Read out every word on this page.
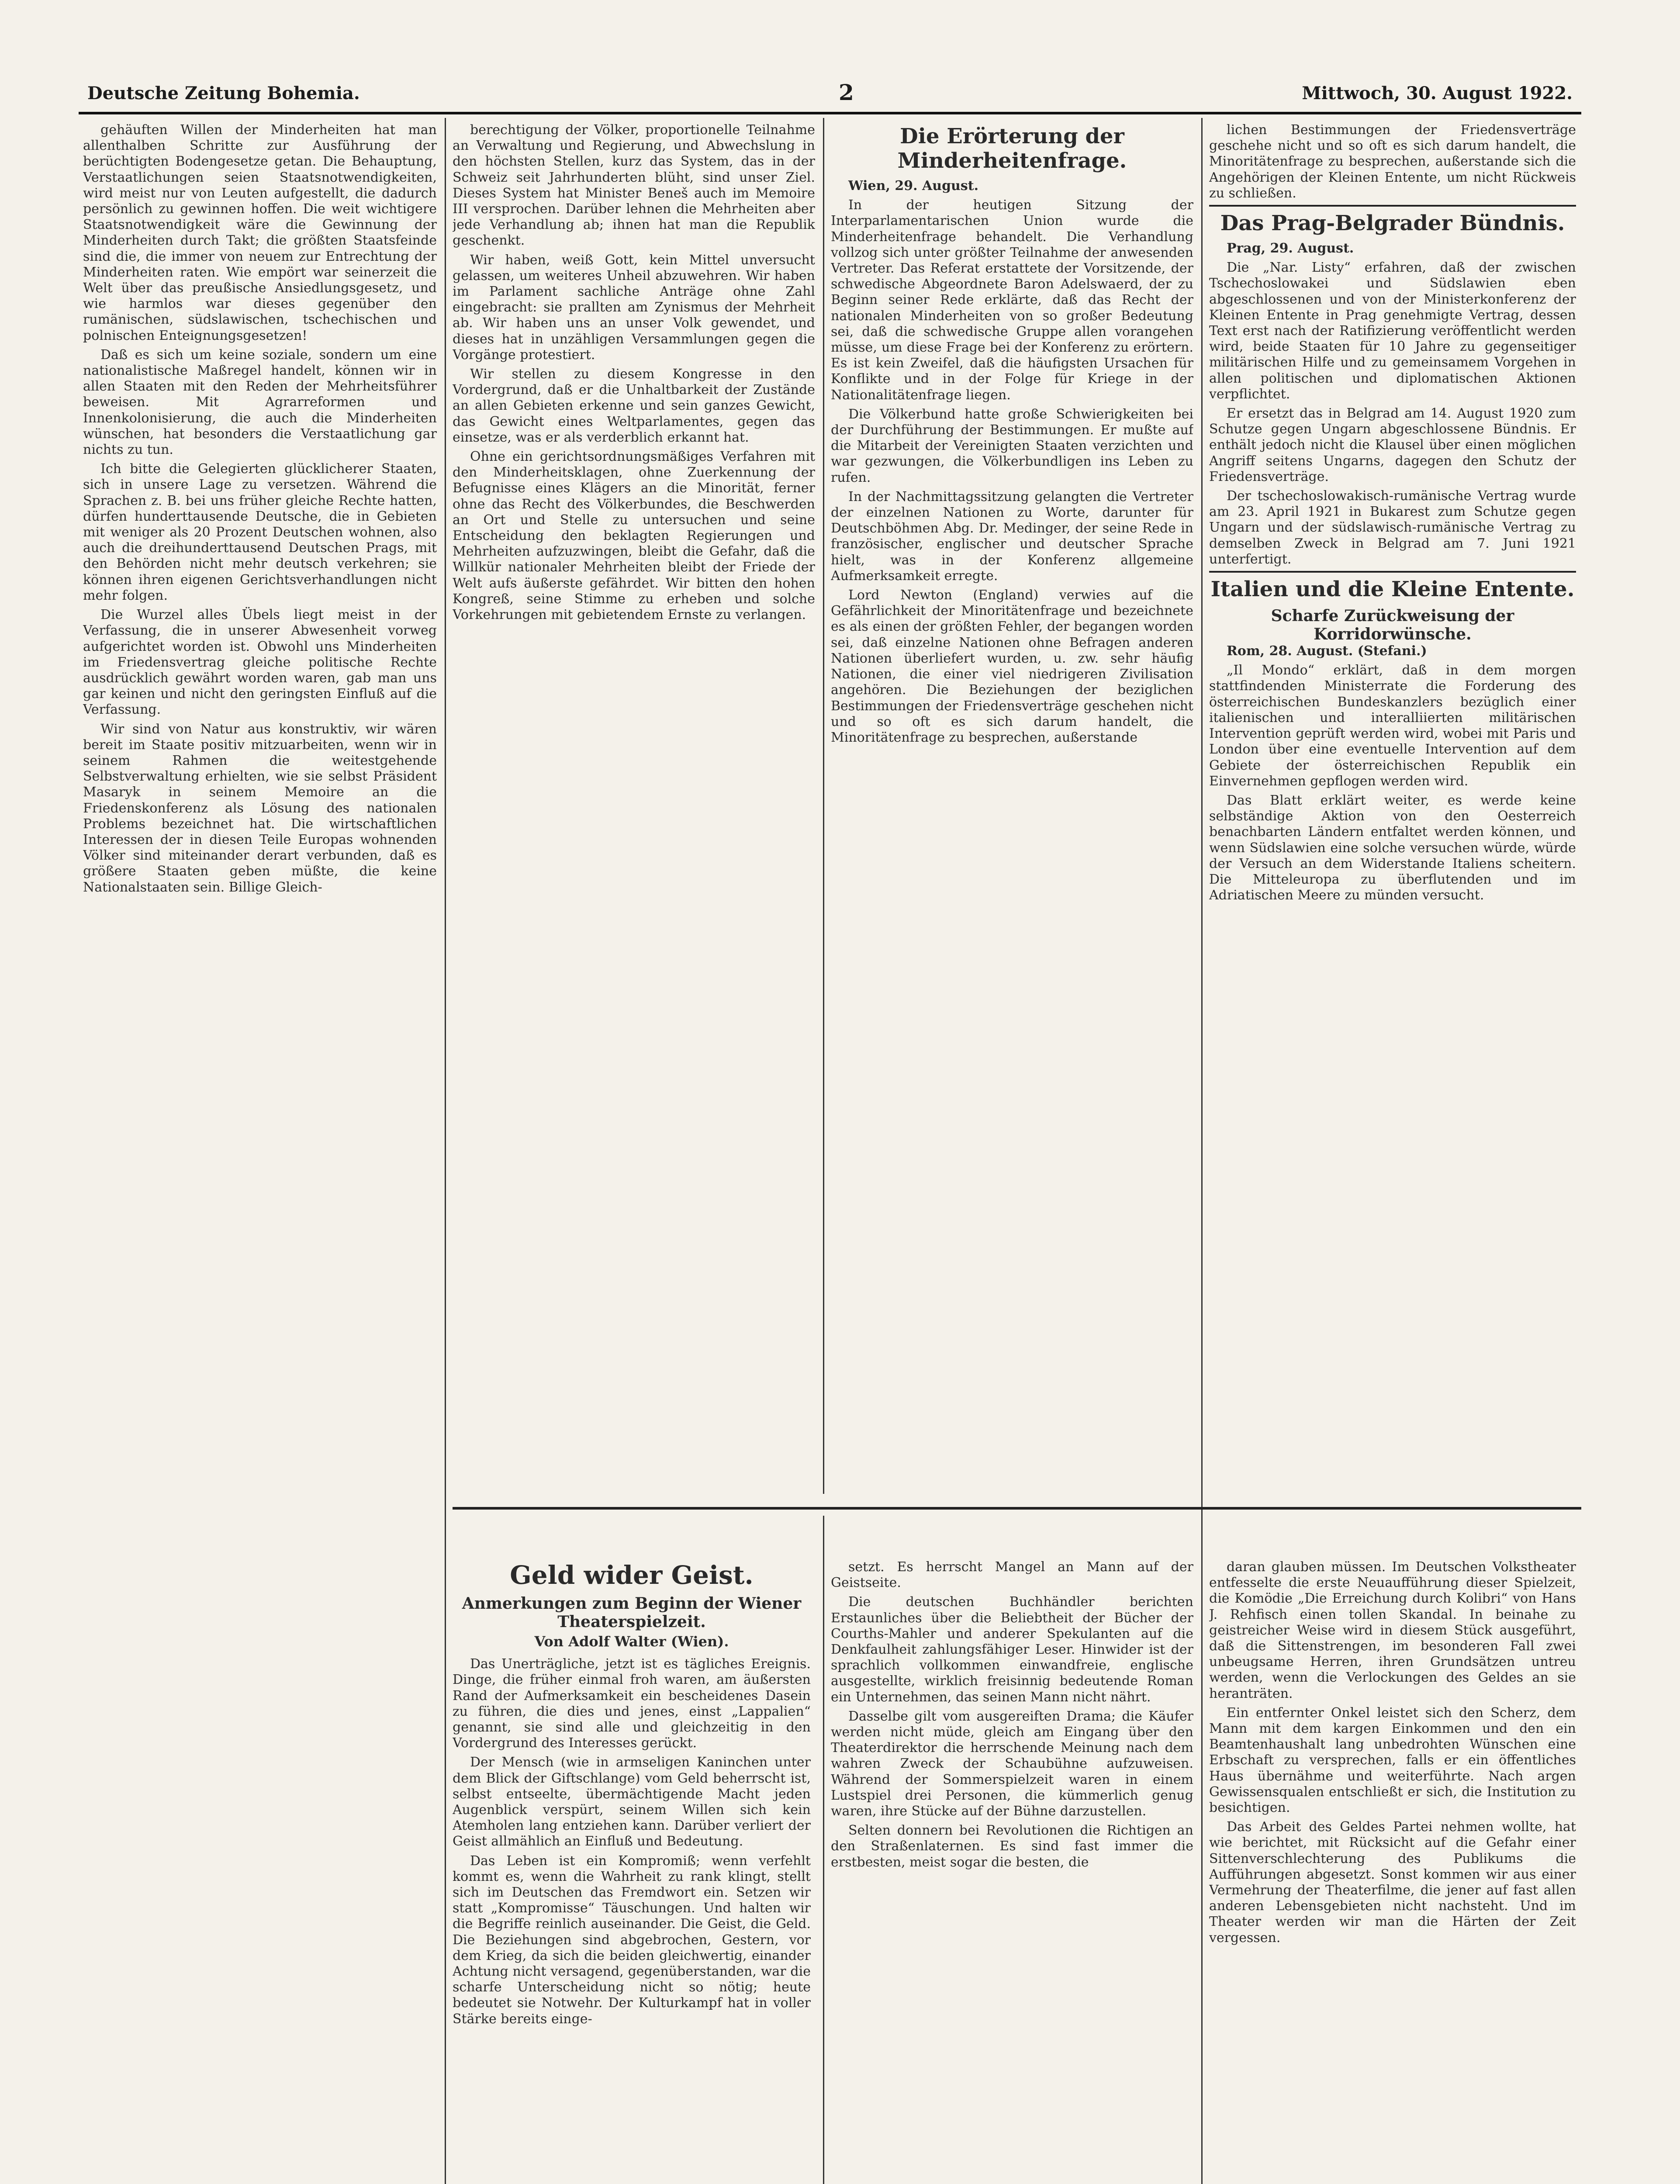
Deutsche Zeitung Bohemia.	2	Mittwoch, 30. August 1922.

gehäuften Willen der Minderheiten hat man allenthalben Schritte zur Ausführung der berüchtigten Bodengesetze getan. Die Behauptung, Verstaatlichungen seien Staatsnotwendigkeiten, wird meist nur von Leuten aufgestellt, die dadurch persönlich zu gewinnen hoffen. Die weit wichtigere Staatsnotwendigkeit wäre die Gewinnung der Minderheiten durch Takt; die größten Staatsfeinde sind die, die immer von neuem zur Entrechtung der Minderheiten raten. Wie empört war seinerzeit die Welt über das preußische Ansiedlungsgesetz, und wie harmlos war dieses gegenüber den rumänischen, südslawischen, tschechischen und polnischen Enteignungsgesetzen!

Daß es sich um keine soziale, sondern um eine nationalistische Maßregel handelt, können wir in allen Staaten mit den Reden der Mehrheitsführer beweisen. Mit Agrarreformen und Innenkolonisierung, die auch die Minderheiten wünschen, hat besonders die Verstaatlichung gar nichts zu tun.

Ich bitte die Gelegierten glücklicherer Staaten, sich in unsere Lage zu versetzen. Während die Sprachen z. B. bei uns früher gleiche Rechte hatten, dürfen hunderttausende Deutsche, die in Gebieten mit weniger als 20 Prozent Deutschen wohnen, also auch die dreihunderttausend Deutschen Prags, mit den Behörden nicht mehr deutsch verkehren; sie können ihren eigenen Gerichtsverhandlungen nicht mehr folgen.

Die Wurzel alles Übels liegt meist in der Verfassung, die in unserer Abwesenheit vorweg aufgerichtet worden ist. Obwohl uns Minderheiten im Friedensvertrag gleiche politische Rechte ausdrücklich gewährt worden waren, gab man uns gar keinen und nicht den geringsten Einfluß auf die Verfassung.

Wir sind von Natur aus konstruktiv, wir wären bereit im Staate positiv mitzuarbeiten, wenn wir in seinem Rahmen die weitestgehende Selbstverwaltung erhielten, wie sie selbst Präsident Masaryk in seinem Memoire an die Friedenskonferenz als Lösung des nationalen Problems bezeichnet hat. Die wirtschaftlichen Interessen der in diesen Teile Europas wohnenden Völker sind miteinander derart verbunden, daß es größere Staaten geben müßte, die keine Nationalstaaten sein. Billige Gleich-

berechtigung der Völker, proportionelle Teilnahme an Verwaltung und Regierung, und Abwechslung in den höchsten Stellen, kurz das System, das in der Schweiz seit Jahrhunderten blüht, sind unser Ziel. Dieses System hat Minister Beneš auch im Memoire III versprochen. Darüber lehnen die Mehrheiten aber jede Verhandlung ab; ihnen hat man die Republik geschenkt.

Wir haben, weiß Gott, kein Mittel unversucht gelassen, um weiteres Unheil abzuwehren. Wir haben im Parlament sachliche Anträge ohne Zahl eingebracht: sie prallten am Zynismus der Mehrheit ab. Wir haben uns an unser Volk gewendet, und dieses hat in unzähligen Versammlungen gegen die Vorgänge protestiert.

Wir stellen zu diesem Kongresse in den Vordergrund, daß er die Unhaltbarkeit der Zustände an allen Gebieten erkenne und sein ganzes Gewicht, das Gewicht eines Weltparlamentes, gegen das einsetze, was er als verderblich erkannt hat.

Ohne ein gerichtsordnungsmäßiges Verfahren mit den Minderheitsklagen, ohne Zuerkennung der Befugnisse eines Klägers an die Minorität, ferner ohne das Recht des Völkerbundes, die Beschwerden an Ort und Stelle zu untersuchen und seine Entscheidung den beklagten Regierungen und Mehrheiten aufzuzwingen, bleibt die Gefahr, daß die Willkür nationaler Mehrheiten bleibt der Friede der Welt aufs äußerste gefährdet. Wir bitten den hohen Kongreß, seine Stimme zu erheben und solche Vorkehrungen mit gebietendem Ernste zu verlangen.

Die Erörterung der Minderheitenfrage.

Wien, 29. August.

In der heutigen Sitzung der Interparlamentarischen Union wurde die Minderheitenfrage behandelt. Die Verhandlung vollzog sich unter größter Teilnahme der anwesenden Vertreter. Das Referat erstattete der Vorsitzende, der schwedische Abgeordnete Baron Adelswaerd, der zu Beginn seiner Rede erklärte, daß das Recht der nationalen Minderheiten von so großer Bedeutung sei, daß die schwedische Gruppe allen vorangehen müsse, um diese Frage bei der Konferenz zu erörtern. Es ist kein Zweifel, daß die häufigsten Ursachen für Konflikte und in der Folge für Kriege in der Nationalitätenfrage liegen.

Die Völkerbund hatte große Schwierigkeiten bei der Durchführung der Bestimmungen. Er mußte auf die Mitarbeit der Vereinigten Staaten verzichten und war gezwungen, die Völkerbundligen ins Leben zu rufen.

In der Nachmittagssitzung gelangten die Vertreter der einzelnen Nationen zu Worte, darunter für Deutschböhmen Abg. Dr. Medinger, der seine Rede in französischer, englischer und deutscher Sprache hielt, was in der Konferenz allgemeine Aufmerksamkeit erregte.

Lord Newton (England) verwies auf die Gefährlichkeit der Minoritätenfrage und bezeichnete es als einen der größten Fehler, der begangen worden sei, daß einzelne Nationen ohne Befragen anderen Nationen überliefert wurden, u. zw. sehr häufig Nationen, die einer viel niedrigeren Zivilisation angehören. Die Beziehungen der beziglichen Bestimmungen der Friedensverträge geschehen nicht und so oft es sich darum handelt, die Minoritätenfrage zu besprechen, außerstande

lichen Bestimmungen der Friedensverträge geschehe nicht und so oft es sich darum handelt, die Minoritätenfrage zu besprechen, außerstande sich die Angehörigen der Kleinen Entente, um nicht Rückweis zu schließen.

Das Prag-Belgrader Bündnis.

Prag, 29. August.

Die „Nar. Listy“ erfahren, daß der zwischen Tschechoslowakei und Südslawien eben abgeschlossenen und von der Ministerkonferenz der Kleinen Entente in Prag genehmigte Vertrag, dessen Text erst nach der Ratifizierung veröffentlicht werden wird, beide Staaten für 10 Jahre zu gegenseitiger militärischen Hilfe und zu gemeinsamem Vorgehen in allen politischen und diplomatischen Aktionen verpflichtet.

Er ersetzt das in Belgrad am 14. August 1920 zum Schutze gegen Ungarn abgeschlossene Bündnis. Er enthält jedoch nicht die Klausel über einen möglichen Angriff seitens Ungarns, dagegen den Schutz der Friedensverträge.

Der tschechoslowakisch-rumänische Vertrag wurde am 23. April 1921 in Bukarest zum Schutze gegen Ungarn und der südslawisch-rumänische Vertrag zu demselben Zweck in Belgrad am 7. Juni 1921 unterfertigt.

Italien und die Kleine Entente.
Scharfe Zurückweisung der Korridorwünsche.

Rom, 28. August. (Stefani.)

„Il Mondo“ erklärt, daß in dem morgen stattfindenden Ministerrate die Forderung des österreichischen Bundeskanzlers bezüglich einer italienischen und interalliierten militärischen Intervention geprüft werden wird, wobei mit Paris und London über eine eventuelle Intervention auf dem Gebiete der österreichischen Republik ein Einvernehmen gepflogen werden wird.

Das Blatt erklärt weiter, es werde keine selbständige Aktion von den Oesterreich benachbarten Ländern entfaltet werden können, und wenn Südslawien eine solche versuchen würde, würde der Versuch an dem Widerstande Italiens scheitern. Die Mitteleuropa zu überflutenden und im Adriatischen Meere zu münden versucht.

Geld wider Geist.
Anmerkungen zum Beginn der Wiener Theaterspielzeit.
Von Adolf Walter (Wien).

Das Unerträgliche, jetzt ist es tägliches Ereignis. Dinge, die früher einmal froh waren, am äußersten Rand der Aufmerksamkeit ein bescheidenes Dasein zu führen, die dies und jenes, einst „Lappalien“ genannt, sie sind alle und gleichzeitig in den Vordergrund des Interesses gerückt.

Der Mensch (wie in armseligen Kaninchen unter dem Blick der Giftschlange) vom Geld beherrscht ist, selbst entseelte, übermächtigende Macht jeden Augenblick verspürt, seinem Willen sich kein Atemholen lang entziehen kann. Darüber verliert der Geist allmählich an Einfluß und Bedeutung.

Das Leben ist ein Kompromiß; wenn verfehlt kommt es, wenn die Wahrheit zu rank klingt, stellt sich im Deutschen das Fremdwort ein. Setzen wir statt „Kompromisse“ Täuschungen. Und halten wir die Begriffe reinlich auseinander. Die Geist, die Geld. Die Beziehungen sind abgebrochen, Gestern, vor dem Krieg, da sich die beiden gleichwertig, einander Achtung nicht versagend, gegenüberstanden, war die scharfe Unterscheidung nicht so nötig; heute bedeutet sie Notwehr. Der Kulturkampf hat in voller Stärke bereits einge-

setzt. Es herrscht Mangel an Mann auf der Geistseite.

Die deutschen Buchhändler berichten Erstaunliches über die Beliebtheit der Bücher der Courths-Mahler und anderer Spekulanten auf die Denkfaulheit zahlungsfähiger Leser. Hinwider ist der sprachlich vollkommen einwandfreie, englische ausgestellte, wirklich freisinnig bedeutende Roman ein Unternehmen, das seinen Mann nicht nährt.

Dasselbe gilt vom ausgereiften Drama; die Käufer werden nicht müde, gleich am Eingang über den Theaterdirektor die herrschende Meinung nach dem wahren Zweck der Schaubühne aufzuweisen. Während der Sommerspielzeit waren in einem Lustspiel drei Personen, die kümmerlich genug waren, ihre Stücke auf der Bühne darzustellen.

Selten donnern bei Revolutionen die Richtigen an den Straßenlaternen. Es sind fast immer die erstbesten, meist sogar die besten, die

daran glauben müssen. Im Deutschen Volkstheater entfesselte die erste Neuaufführung dieser Spielzeit, die Komödie „Die Erreichung durch Kolibri“ von Hans J. Rehfisch einen tollen Skandal. In beinahe zu geistreicher Weise wird in diesem Stück ausgeführt, daß die Sittenstrengen, im besonderen Fall zwei unbeugsame Herren, ihren Grundsätzen untreu werden, wenn die Verlockungen des Geldes an sie heranträten.

Ein entfernter Onkel leistet sich den Scherz, dem Mann mit dem kargen Einkommen und den ein Beamtenhaushalt lang unbedrohten Wünschen eine Erbschaft zu versprechen, falls er ein öffentliches Haus übernähme und weiterführte. Nach argen Gewissensqualen entschließt er sich, die Institution zu besichtigen.

Das Arbeit des Geldes Partei nehmen wollte, hat wie berichtet, mit Rücksicht auf die Gefahr einer Sittenverschlechterung des Publikums die Aufführungen abgesetzt. Sonst kommen wir aus einer Vermehrung der Theaterfilme, die jener auf fast allen anderen Lebensgebieten nicht nachsteht. Und im Theater werden wir man die Härten der Zeit vergessen.
